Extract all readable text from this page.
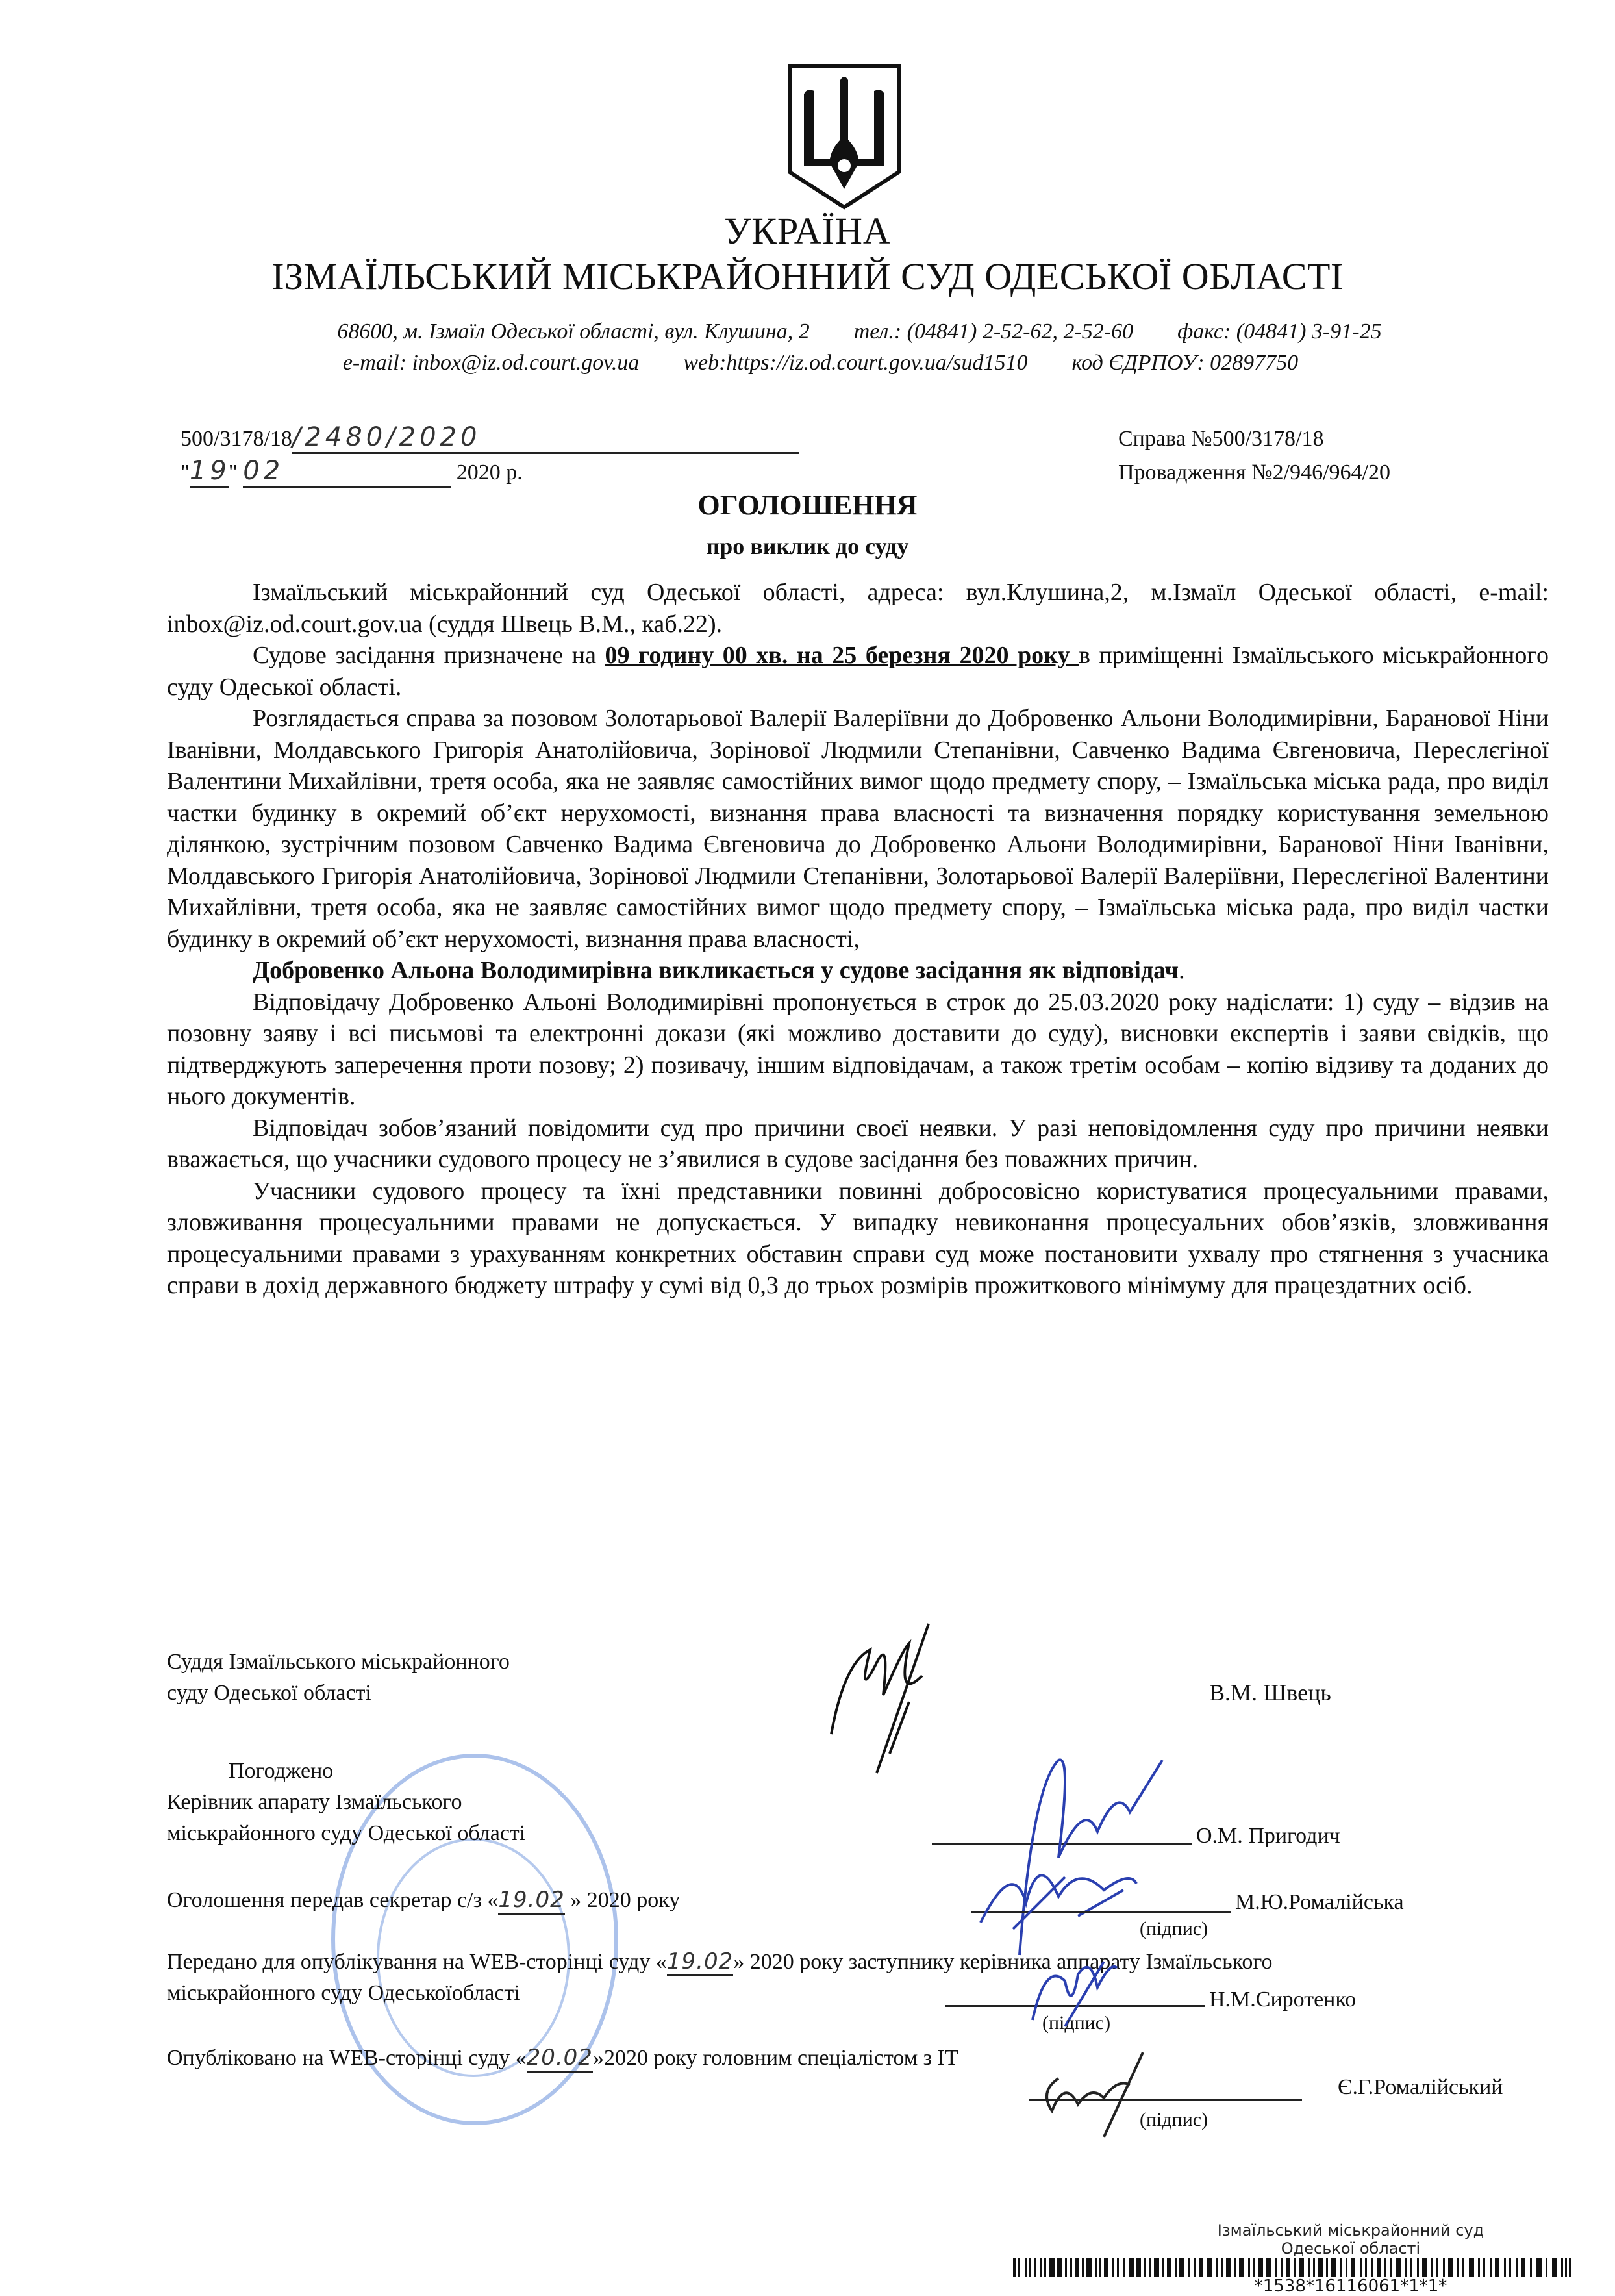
УКРАЇНА
ІЗМАЇЛЬСЬКИЙ МІСЬКРАЙОННИЙ СУД ОДЕСЬКОЇ ОБЛАСТІ
68600, м. Ізмаїл Одеської області, вул. Клушина, 2        тел.: (04841) 2-52-62, 2-52-60        факс: (04841) 3-91-25
e-mail: inbox@iz.od.court.gov.ua        web:https://iz.od.court.gov.ua/sud1510        код ЄДРПОУ: 02897750
500/3178/18/2480/2020
"19" 02	2020 р.
Справа №500/3178/18
Провадження №2/946/964/20
ОГОЛОШЕННЯ
про виклик до суду

Ізмаїльський міськрайонний суд Одеської області, адреса: вул.Клушина,2, м.Ізмаїл Одеської області, e-mail: inbox@iz.od.court.gov.ua (суддя Швець В.М., каб.22).

Судове засідання призначене на 09 годину 00 хв. на 25 березня 2020 року в приміщенні Ізмаїльського міськрайонного суду Одеської області.

Розглядається справа за позовом Золотарьової Валерії Валеріївни до Добровенко Альони Володимирівни, Баранової Ніни Іванівни, Молдавського Григорія Анатолійовича, Зорінової Людмили Степанівни, Савченко Вадима Євгеновича, Переслєгіної Валентини Михайлівни, третя особа, яка не заявляє самостійних вимог щодо предмету спору, – Ізмаїльська міська рада, про виділ частки будинку в окремий об’єкт нерухомості, визнання права власності та визначення порядку користування земельною ділянкою, зустрічним позовом Савченко Вадима Євгеновича до Добровенко Альони Володимирівни, Баранової Ніни Іванівни, Молдавського Григорія Анатолійовича, Зорінової Людмили Степанівни, Золотарьової Валерії Валеріївни, Переслєгіної Валентини Михайлівни, третя особа, яка не заявляє самостійних вимог щодо предмету спору, – Ізмаїльська міська рада, про виділ частки будинку в окремий об’єкт нерухомості, визнання права власності,

Добровенко Альона Володимирівна викликається у судове засідання як відповідач.

Відповідачу Добровенко Альоні Володимирівні пропонується в строк до 25.03.2020 року надіслати: 1) суду – відзив на позовну заяву і всі письмові та електронні докази (які можливо доставити до суду), висновки експертів і заяви свідків, що підтверджують заперечення проти позову; 2) позивачу, іншим відповідачам, а також третім особам – копію відзиву та доданих до нього документів.

Відповідач зобов’язаний повідомити суд про причини своєї неявки. У разі неповідомлення суду про причини неявки вважається, що учасники судового процесу не з’явилися в судове засідання без поважних причин.

Учасники судового процесу та їхні представники повинні добросовісно користуватися процесуальними правами, зловживання процесуальними правами не допускається. У випадку невиконання процесуальних обов’язків, зловживання процесуальними правами з урахуванням конкретних обставин справи суд може постановити ухвалу про стягнення з учасника справи в дохід державного бюджету штрафу у сумі від 0,3 до трьох розмірів прожиткового мінімуму для працездатних осіб.

Суддя Ізмаїльського міськрайонного
суду Одеської області	В.М. Швець
Погоджено
Керівник апарату Ізмаїльського
міськрайонного суду Одеської області	О.М. Пригодич
Оголошення передав секретар с/з «19.02 » 2020 року	М.Ю.Ромалійська
(підпис)
Передано для опублікування на WEB-сторінці суду «19.02» 2020 року заступнику керівника аппарату Ізмаїльського
міськрайонного суду Одеськоїобласті	Н.М.Сиротенко
(підпис)
Опубліковано на WEB-сторінці суду «20.02»2020 року головним спеціалістом з ІТ
Є.Г.Ромалійський
(підпис)
Ізмаїльський міськрайонний суд
Одеської області
*1538*16116061*1*1*
